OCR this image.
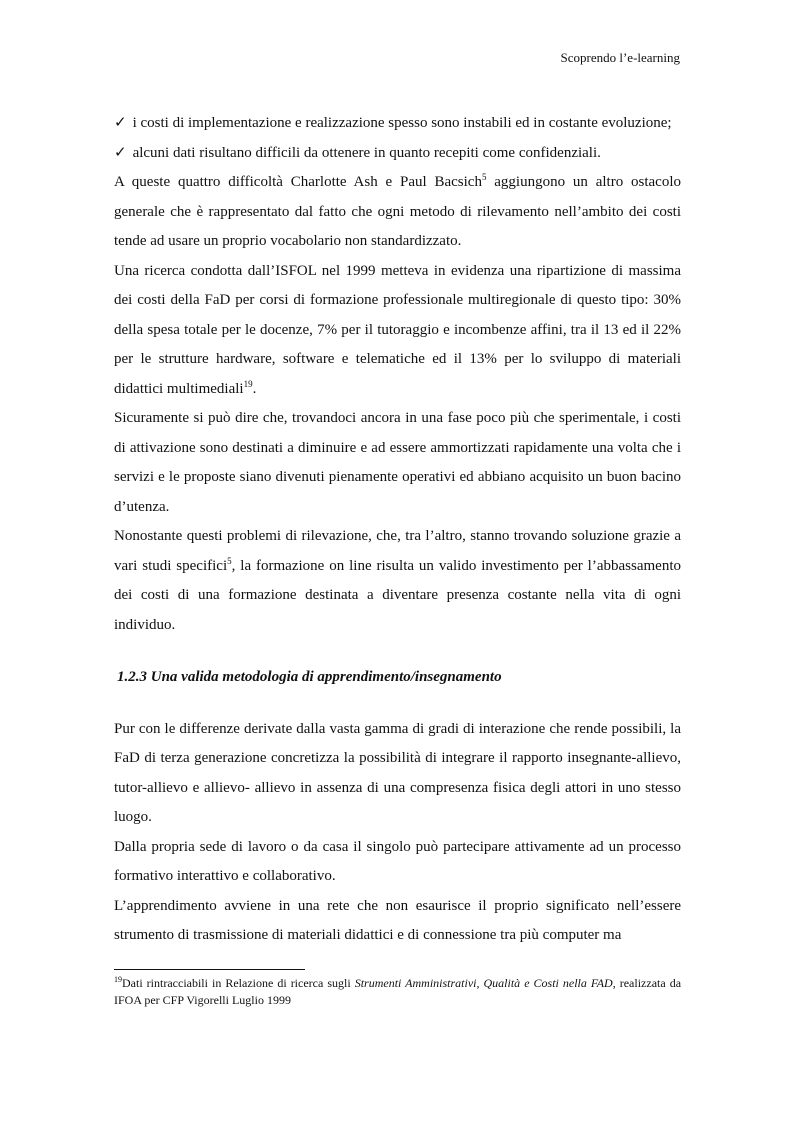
Scoprendo l’e-learning

✓ i costi di implementazione e realizzazione spesso sono instabili ed in costante evoluzione;

✓ alcuni dati risultano difficili da ottenere in quanto recepiti come confidenziali.

A queste quattro difficoltà Charlotte Ash e Paul Bacsich$^5$ aggiungono un altro ostacolo generale che è rappresentato dal fatto che ogni metodo di rilevamento nell’ambito dei costi tende ad usare un proprio vocabolario non standardizzato.

Una ricerca condotta dall’ISFOL nel 1999 metteva in evidenza una ripartizione di massima dei costi della FaD per corsi di formazione professionale multiregionale di questo tipo: 30% della spesa totale per le docenze, 7% per il tutoraggio e incombenze affini, tra il 13 ed il 22% per le strutture hardware, software e telematiche ed il 13% per lo sviluppo di materiali didattici multimediali$^{19}$.

Sicuramente si può dire che, trovandoci ancora in una fase poco più che sperimentale, i costi di attivazione sono destinati a diminuire e ad essere ammortizzati rapidamente una volta che i servizi e le proposte siano divenuti pienamente operativi ed abbiano acquisito un buon bacino d’utenza.

Nonostante questi problemi di rilevazione, che, tra l’altro, stanno trovando soluzione grazie a vari studi specifici$^5$, la formazione on line risulta un valido investimento per l’abbassamento dei costi di una formazione destinata a diventare presenza costante nella vita di ogni individuo.

1.2.3 Una valida metodologia di apprendimento/insegnamento

Pur con le differenze derivate dalla vasta gamma di gradi di interazione che rende possibili, la FaD di terza generazione concretizza la possibilità di integrare il rapporto insegnante-allievo, tutor-allievo e allievo- allievo in assenza di una compresenza fisica degli attori in uno stesso luogo.

Dalla propria sede di lavoro o da casa il singolo può partecipare attivamente ad un processo formativo interattivo e collaborativo.

L’apprendimento avviene in una rete che non esaurisce il proprio significato nell’essere strumento di trasmissione di materiali didattici e di connessione tra più computer ma

$^{19}$Dati rintracciabili in Relazione di ricerca sugli Strumenti Amministrativi, Qualità e Costi nella FAD, realizzata da IFOA per CFP Vigorelli Luglio 1999
